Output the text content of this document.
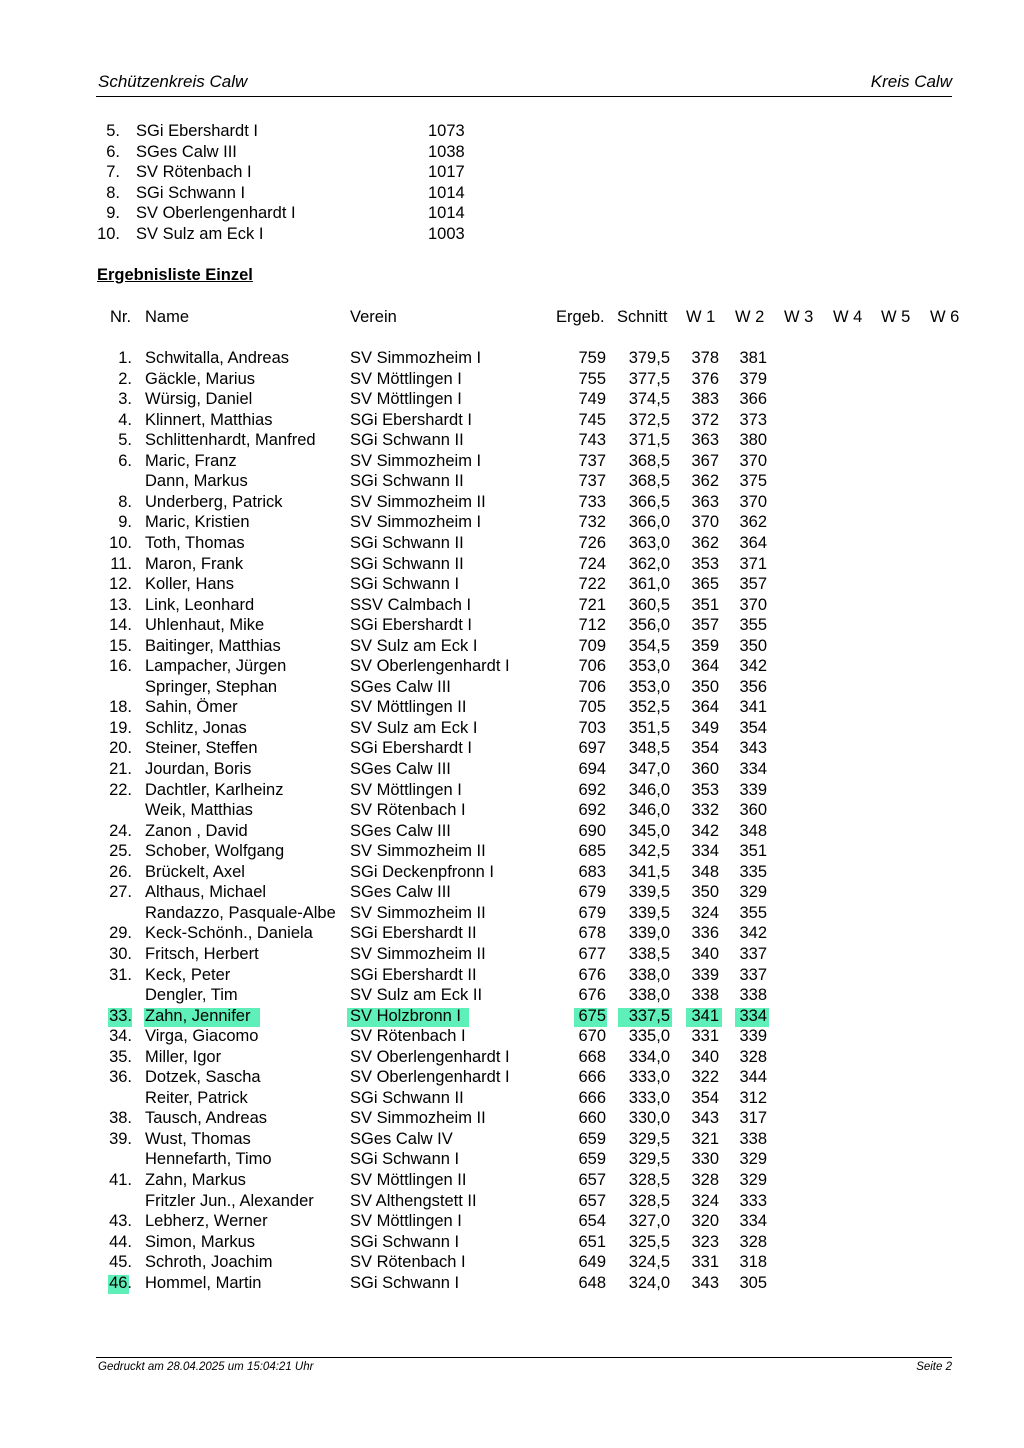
Schützenkreis Calw	Kreis Calw
5. SGi Ebershardt I	1073
6. SGes Calw III	1038
7. SV Rötenbach I	1017
8. SGi Schwann I	1014
9. SV Oberlengenhardt I	1014
10. SV Sulz am Eck I	1003
Ergebnisliste Einzel
Nr. Name	Verein	Ergeb. Schnitt W 1 W 2 W 3 W 4 W 5 W 6
1. Schwitalla, Andreas	SV Simmozheim I	759	379,5	378	381
2. Gäckle, Marius	SV Möttlingen I	755	377,5	376	379
3. Würsig, Daniel	SV Möttlingen I	749	374,5	383	366
4. Klinnert, Matthias	SGi Ebershardt I	745	372,5	372	373
5. Schlittenhardt, Manfred	SGi Schwann II	743	371,5	363	380
6. Maric, Franz	SV Simmozheim I	737	368,5	367	370
Dann, Markus	SGi Schwann II	737	368,5	362	375
8. Underberg, Patrick	SV Simmozheim II	733	366,5	363	370
9. Maric, Kristien	SV Simmozheim I	732	366,0	370	362
10. Toth, Thomas	SGi Schwann II	726	363,0	362	364
11. Maron, Frank	SGi Schwann II	724	362,0	353	371
12. Koller, Hans	SGi Schwann I	722	361,0	365	357
13. Link, Leonhard	SSV Calmbach I	721	360,5	351	370
14. Uhlenhaut, Mike	SGi Ebershardt I	712	356,0	357	355
15. Baitinger, Matthias	SV Sulz am Eck I	709	354,5	359	350
16. Lampacher, Jürgen	SV Oberlengenhardt I	706	353,0	364	342
Springer, Stephan	SGes Calw III	706	353,0	350	356
18. Sahin, Ömer	SV Möttlingen II	705	352,5	364	341
19. Schlitz, Jonas	SV Sulz am Eck I	703	351,5	349	354
20. Steiner, Steffen	SGi Ebershardt I	697	348,5	354	343
21. Jourdan, Boris	SGes Calw III	694	347,0	360	334
22. Dachtler, Karlheinz	SV Möttlingen I	692	346,0	353	339
Weik, Matthias	SV Rötenbach I	692	346,0	332	360
24. Zanon , David	SGes Calw III	690	345,0	342	348
25. Schober, Wolfgang	SV Simmozheim II	685	342,5	334	351
26. Brückelt, Axel	SGi Deckenpfronn I	683	341,5	348	335
27. Althaus, Michael	SGes Calw III	679	339,5	350	329
Randazzo, Pasquale-Albe SV Simmozheim II	679	339,5	324	355
29. Keck-Schönh., Daniela	SGi Ebershardt II	678	339,0	336	342
30. Fritsch, Herbert	SV Simmozheim II	677	338,5	340	337
31. Keck, Peter	SGi Ebershardt II	676	338,0	339	337
Dengler, Tim	SV Sulz am Eck II	676	338,0	338	338
33. Zahn, Jennifer	SV Holzbronn I	675	337,5	341	334
34. Virga, Giacomo	SV Rötenbach I	670	335,0	331	339
35. Miller, Igor	SV Oberlengenhardt I	668	334,0	340	328
36. Dotzek, Sascha	SV Oberlengenhardt I	666	333,0	322	344
Reiter, Patrick	SGi Schwann II	666	333,0	354	312
38. Tausch, Andreas	SV Simmozheim II	660	330,0	343	317
39. Wust, Thomas	SGes Calw IV	659	329,5	321	338
Hennefarth, Timo	SGi Schwann I	659	329,5	330	329
41. Zahn, Markus	SV Möttlingen II	657	328,5	328	329
Fritzler Jun., Alexander	SV Althengstett II	657	328,5	324	333
43. Lebherz, Werner	SV Möttlingen I	654	327,0	320	334
44. Simon, Markus	SGi Schwann I	651	325,5	323	328
45. Schroth, Joachim	SV Rötenbach I	649	324,5	331	318
46. Hommel, Martin	SGi Schwann I	648	324,0	343	305
Gedruckt am 28.04.2025 um 15:04:21 Uhr	Seite 2
